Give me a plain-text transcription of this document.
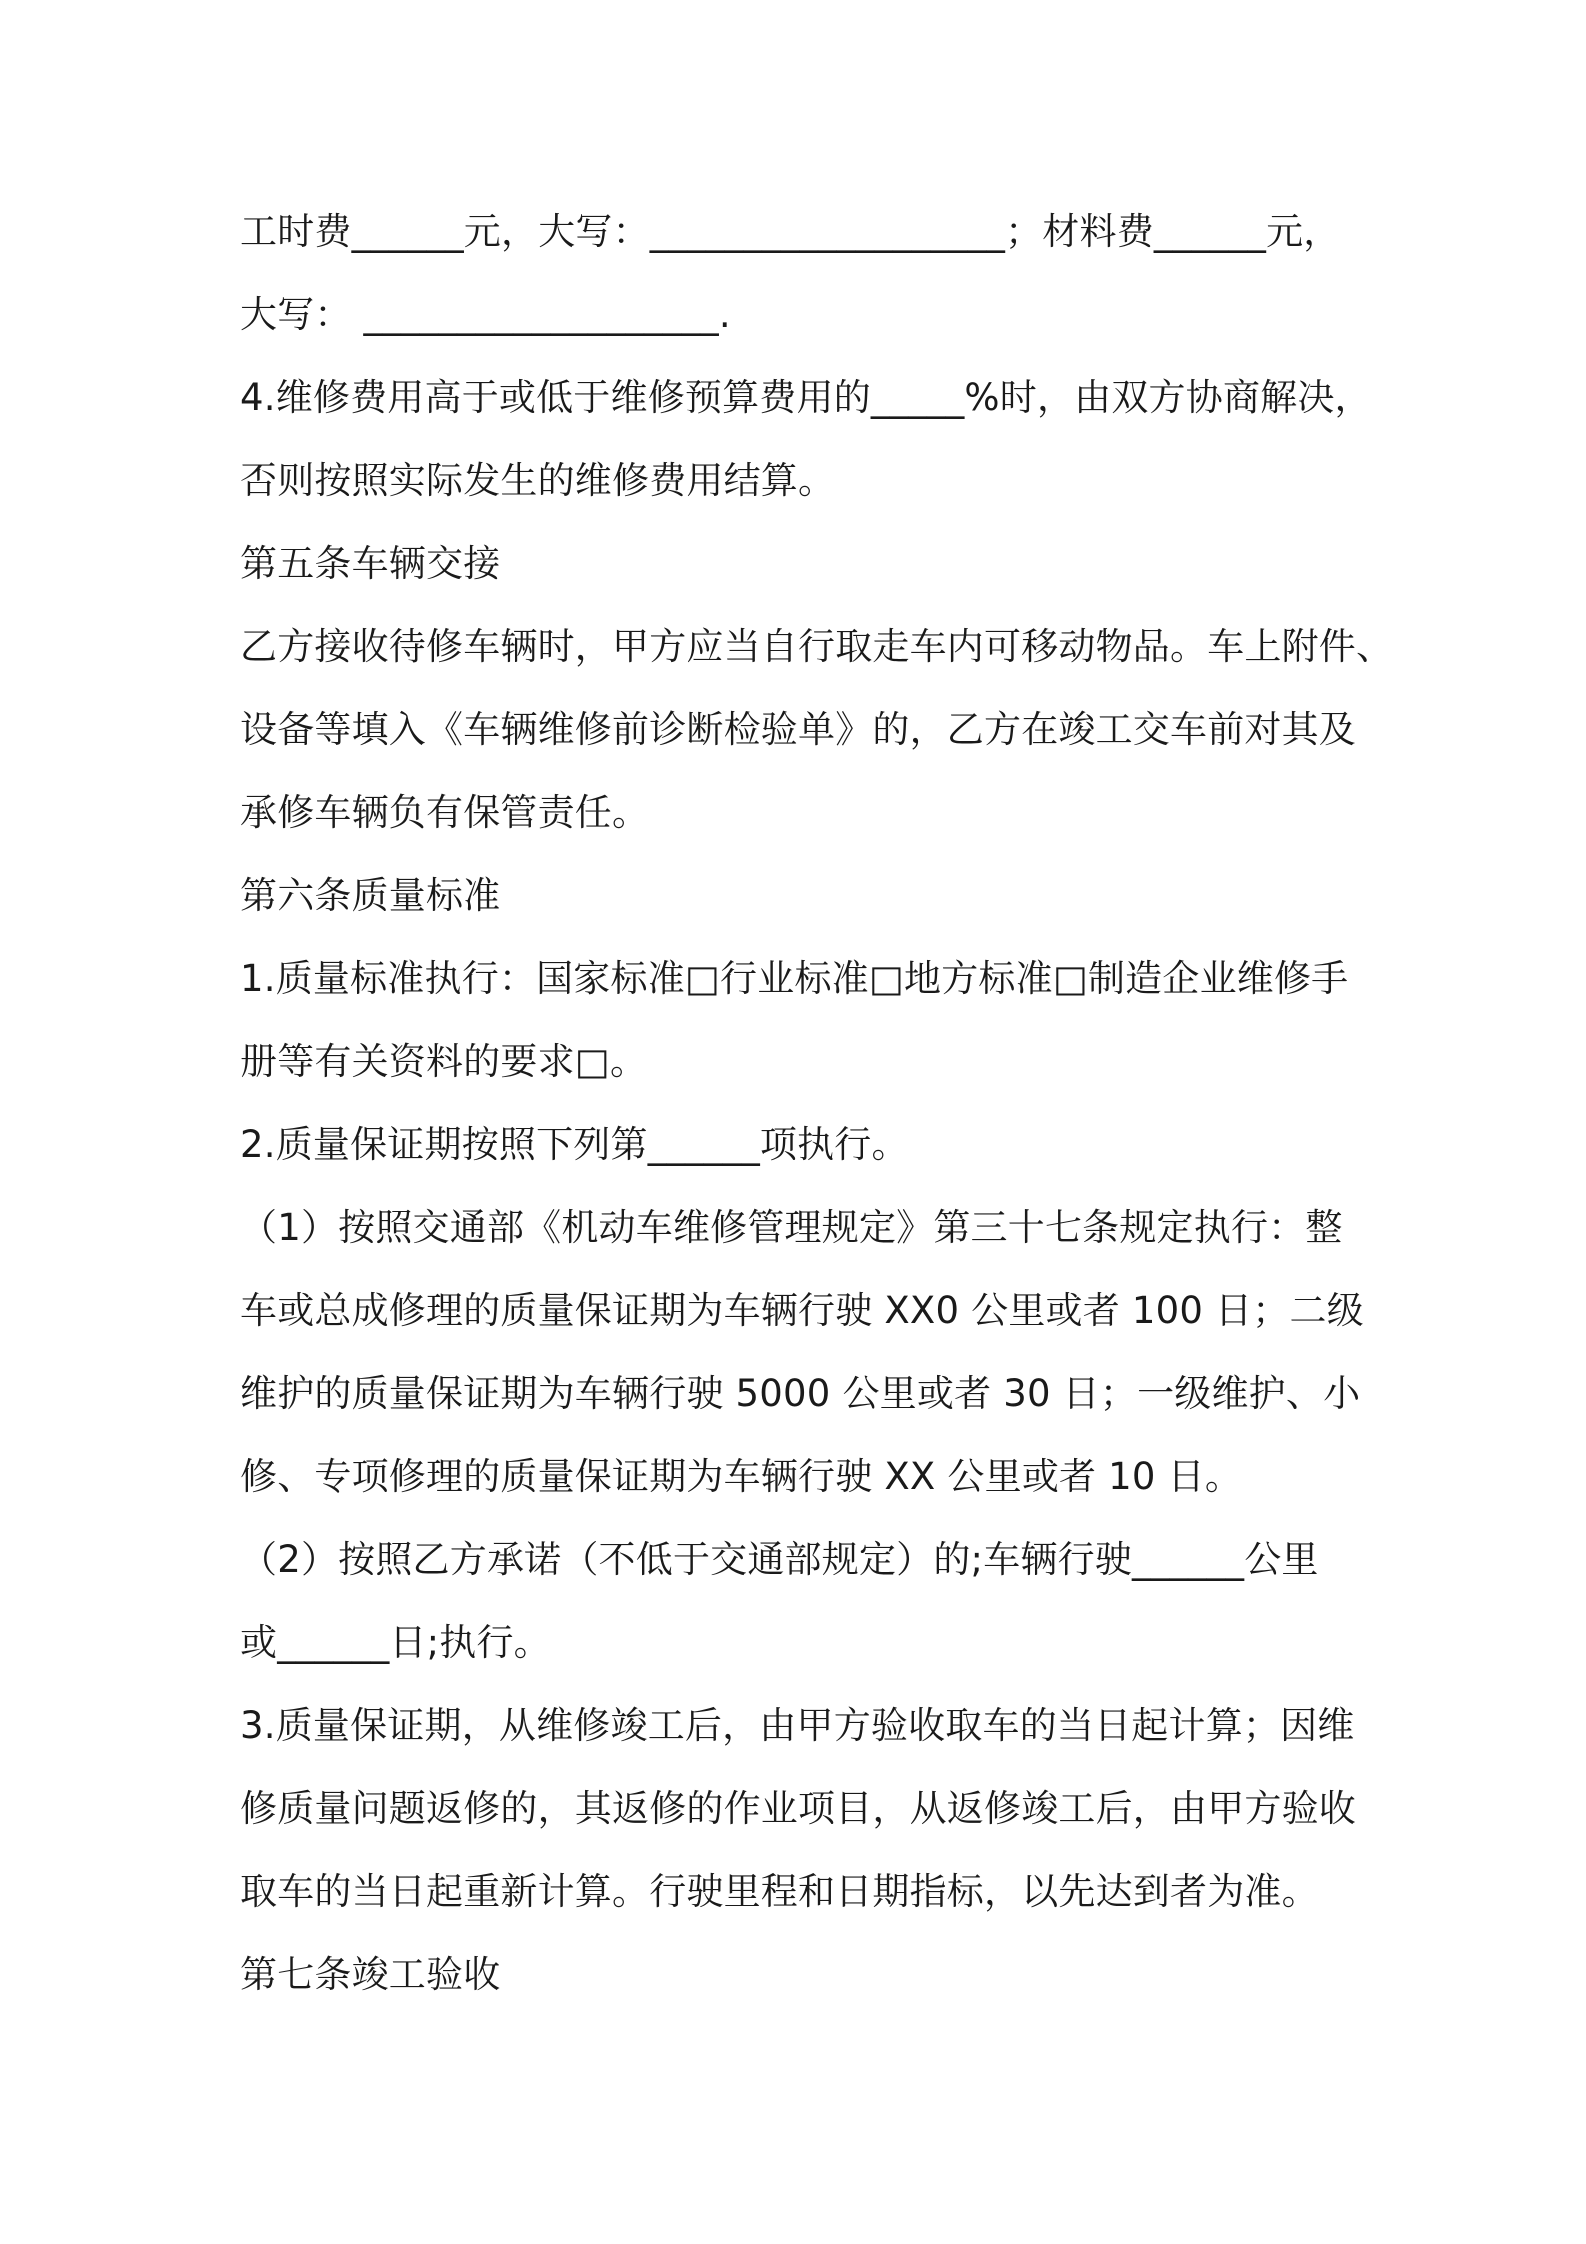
工时费______元，大写：___________________；材料费______元，
大写： ___________________.
4.维修费用高于或低于维修预算费用的_____%时，由双方协商解决，
否则按照实际发生的维修费用结算。
第五条车辆交接
乙方接收待修车辆时，甲方应当自行取走车内可移动物品。车上附件、
设备等填入《车辆维修前诊断检验单》的，乙方在竣工交车前对其及
承修车辆负有保管责任。
第六条质量标准
1.质量标准执行：国家标准□行业标准□地方标准□制造企业维修手
册等有关资料的要求□。
2.质量保证期按照下列第______项执行。
（1）按照交通部《机动车维修管理规定》第三十七条规定执行：整
车或总成修理的质量保证期为车辆行驶 XX0 公里或者 100 日；二级
维护的质量保证期为车辆行驶 5000 公里或者 30 日；一级维护、小
修、专项修理的质量保证期为车辆行驶 XX 公里或者 10 日。
（2）按照乙方承诺（不低于交通部规定）的;车辆行驶______公里
或______日;执行。
3.质量保证期，从维修竣工后，由甲方验收取车的当日起计算；因维
修质量问题返修的，其返修的作业项目，从返修竣工后，由甲方验收
取车的当日起重新计算。行驶里程和日期指标，以先达到者为准。
第七条竣工验收
